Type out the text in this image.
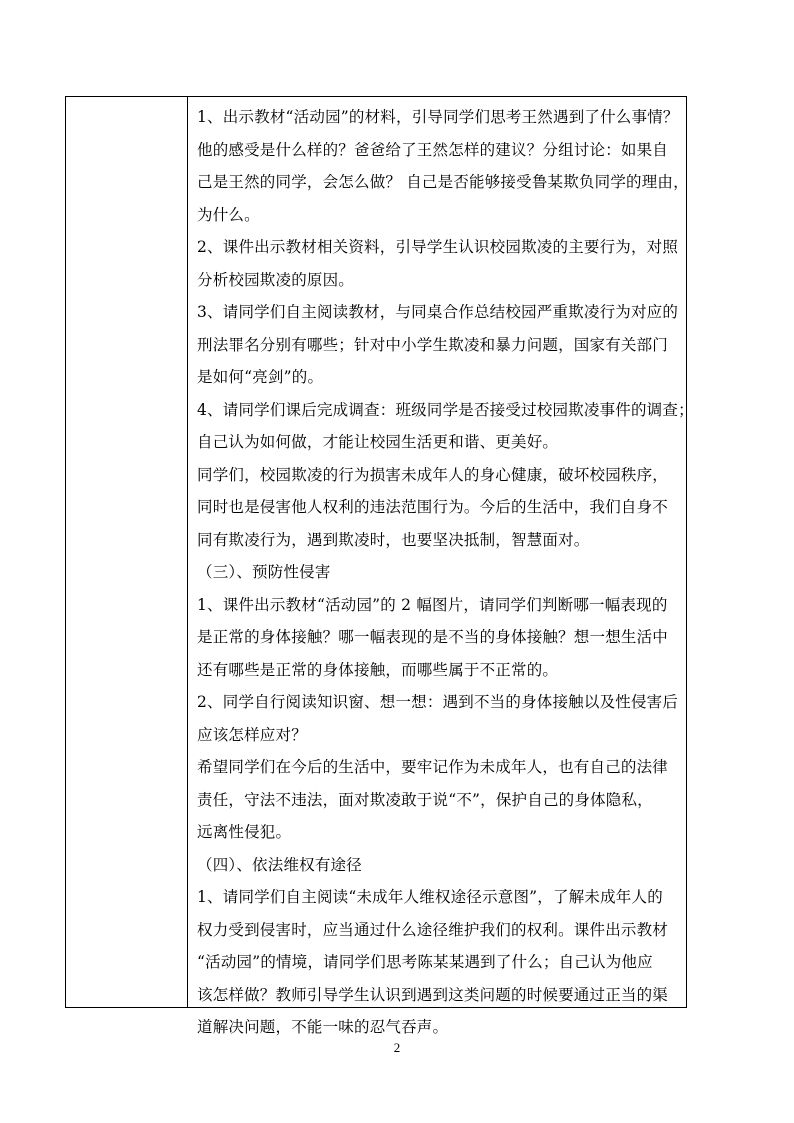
1、出示教材“活动园”的材料，引导同学们思考王然遇到了什么事情？
他的感受是什么样的？爸爸给了王然怎样的建议？分组讨论：如果自
己是王然的同学，会怎么做？ 自己是否能够接受鲁某欺负同学的理由，
为什么。
2、课件出示教材相关资料，引导学生认识校园欺凌的主要行为，对照
分析校园欺凌的原因。
3、请同学们自主阅读教材，与同桌合作总结校园严重欺凌行为对应的
刑法罪名分别有哪些；针对中小学生欺凌和暴力问题，国家有关部门
是如何“亮剑”的。
4、请同学们课后完成调查：班级同学是否接受过校园欺凌事件的调查；
自己认为如何做，才能让校园生活更和谐、更美好。
同学们，校园欺凌的行为损害未成年人的身心健康，破坏校园秩序，
同时也是侵害他人权利的违法范围行为。今后的生活中，我们自身不
同有欺凌行为，遇到欺凌时，也要坚决抵制，智慧面对。
（三）、预防性侵害
1、课件出示教材“活动园”的 2 幅图片，请同学们判断哪一幅表现的
是正常的身体接触？哪一幅表现的是不当的身体接触？想一想生活中
还有哪些是正常的身体接触，而哪些属于不正常的。
2、同学自行阅读知识窗、想一想：遇到不当的身体接触以及性侵害后
应该怎样应对？
希望同学们在今后的生活中，要牢记作为未成年人，也有自己的法律
责任，守法不违法，面对欺凌敢于说“不”，保护自己的身体隐私，
远离性侵犯。
（四）、依法维权有途径
1、请同学们自主阅读“未成年人维权途径示意图”，了解未成年人的
权力受到侵害时，应当通过什么途径维护我们的权利。课件出示教材
“活动园”的情境，请同学们思考陈某某遇到了什么；自己认为他应
该怎样做？教师引导学生认识到遇到这类问题的时候要通过正当的渠
道解决问题，不能一味的忍气吞声。
2
